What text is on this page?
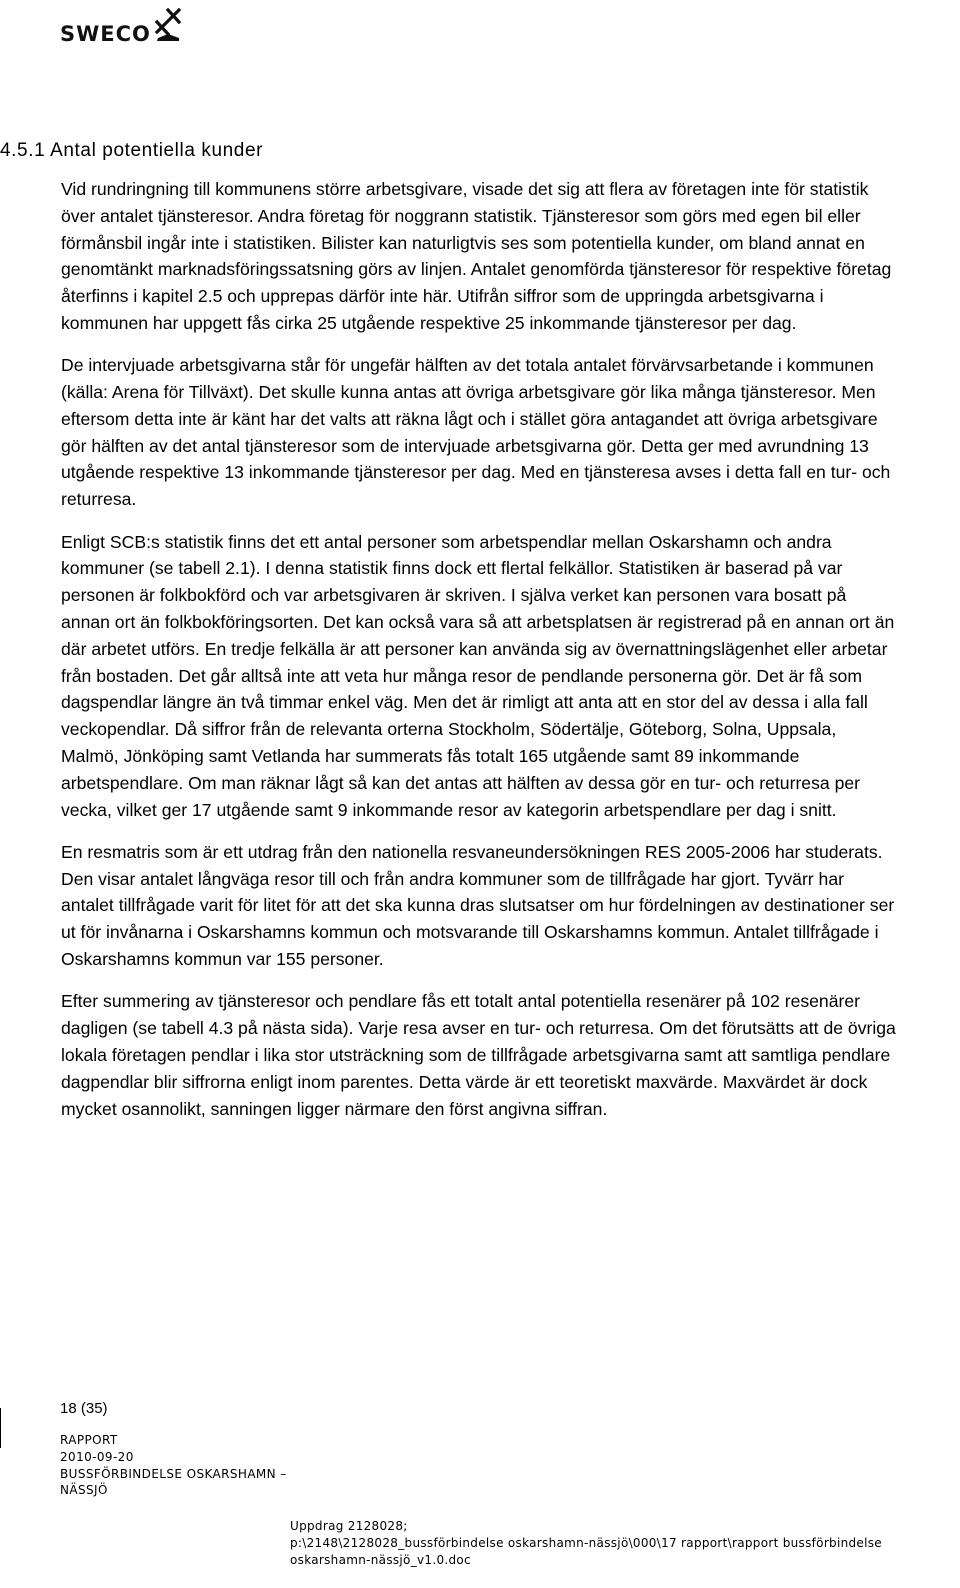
SWECO
4.5.1 Antal potentiella kunder

Vid rundringning till kommunens större arbetsgivare, visade det sig att flera av företagen inte för statistik över antalet tjänsteresor. Andra företag för noggrann statistik. Tjänsteresor som görs med egen bil eller förmånsbil ingår inte i statistiken. Bilister kan naturligtvis ses som potentiella kunder, om bland annat en genomtänkt marknadsföringssatsning görs av linjen. Antalet genomförda tjänsteresor för respektive företag återfinns i kapitel 2.5 och upprepas därför inte här. Utifrån siffror som de uppringda arbetsgivarna i kommunen har uppgett fås cirka 25 utgående respektive 25 inkommande tjänsteresor per dag.

De intervjuade arbetsgivarna står för ungefär hälften av det totala antalet förvärvsarbetande i kommunen (källa: Arena för Tillväxt). Det skulle kunna antas att övriga arbetsgivare gör lika många tjänsteresor. Men eftersom detta inte är känt har det valts att räkna lågt och i stället göra antagandet att övriga arbetsgivare gör hälften av det antal tjänsteresor som de intervjuade arbetsgivarna gör. Detta ger med avrundning 13 utgående respektive 13 inkommande tjänsteresor per dag. Med en tjänsteresa avses i detta fall en tur- och returresa.

Enligt SCB:s statistik finns det ett antal personer som arbetspendlar mellan Oskarshamn och andra kommuner (se tabell 2.1). I denna statistik finns dock ett flertal felkällor. Statistiken är baserad på var personen är folkbokförd och var arbetsgivaren är skriven. I själva verket kan personen vara bosatt på annan ort än folkbokföringsorten. Det kan också vara så att arbetsplatsen är registrerad på en annan ort än där arbetet utförs. En tredje felkälla är att personer kan använda sig av övernattningslägenhet eller arbetar från bostaden. Det går alltså inte att veta hur många resor de pendlande personerna gör. Det är få som dagspendlar längre än två timmar enkel väg. Men det är rimligt att anta att en stor del av dessa i alla fall veckopendlar. Då siffror från de relevanta orterna Stockholm, Södertälje, Göteborg, Solna, Uppsala, Malmö, Jönköping samt Vetlanda har summerats fås totalt 165 utgående samt 89 inkommande arbetspendlare. Om man räknar lågt så kan det antas att hälften av dessa gör en tur- och returresa per vecka, vilket ger 17 utgående samt 9 inkommande resor av kategorin arbetspendlare per dag i snitt.

En resmatris som är ett utdrag från den nationella resvaneundersökningen RES 2005-2006 har studerats. Den visar antalet långväga resor till och från andra kommuner som de tillfrågade har gjort. Tyvärr har antalet tillfrågade varit för litet för att det ska kunna dras slutsatser om hur fördelningen av destinationer ser ut för invånarna i Oskarshamns kommun och motsvarande till Oskarshamns kommun. Antalet tillfrågade i Oskarshamns kommun var 155 personer.

Efter summering av tjänsteresor och pendlare fås ett totalt antal potentiella resenärer på 102 resenärer dagligen (se tabell 4.3 på nästa sida). Varje resa avser en tur- och returresa. Om det förutsätts att de övriga lokala företagen pendlar i lika stor utsträckning som de tillfrågade arbetsgivarna samt att samtliga pendlare dagpendlar blir siffrorna enligt inom parentes. Detta värde är ett teoretiskt maxvärde. Maxvärdet är dock mycket osannolikt, sanningen ligger närmare den först angivna siffran.

18 (35)
RAPPORT
2010-09-20
BUSSFÖRBINDELSE OSKARSHAMN –
NÄSSJÖ
Uppdrag 2128028;
p:\2148\2128028_bussförbindelse oskarshamn-nässjö\000\17 rapport\rapport bussförbindelse
oskarshamn-nässjö_v1.0.doc
